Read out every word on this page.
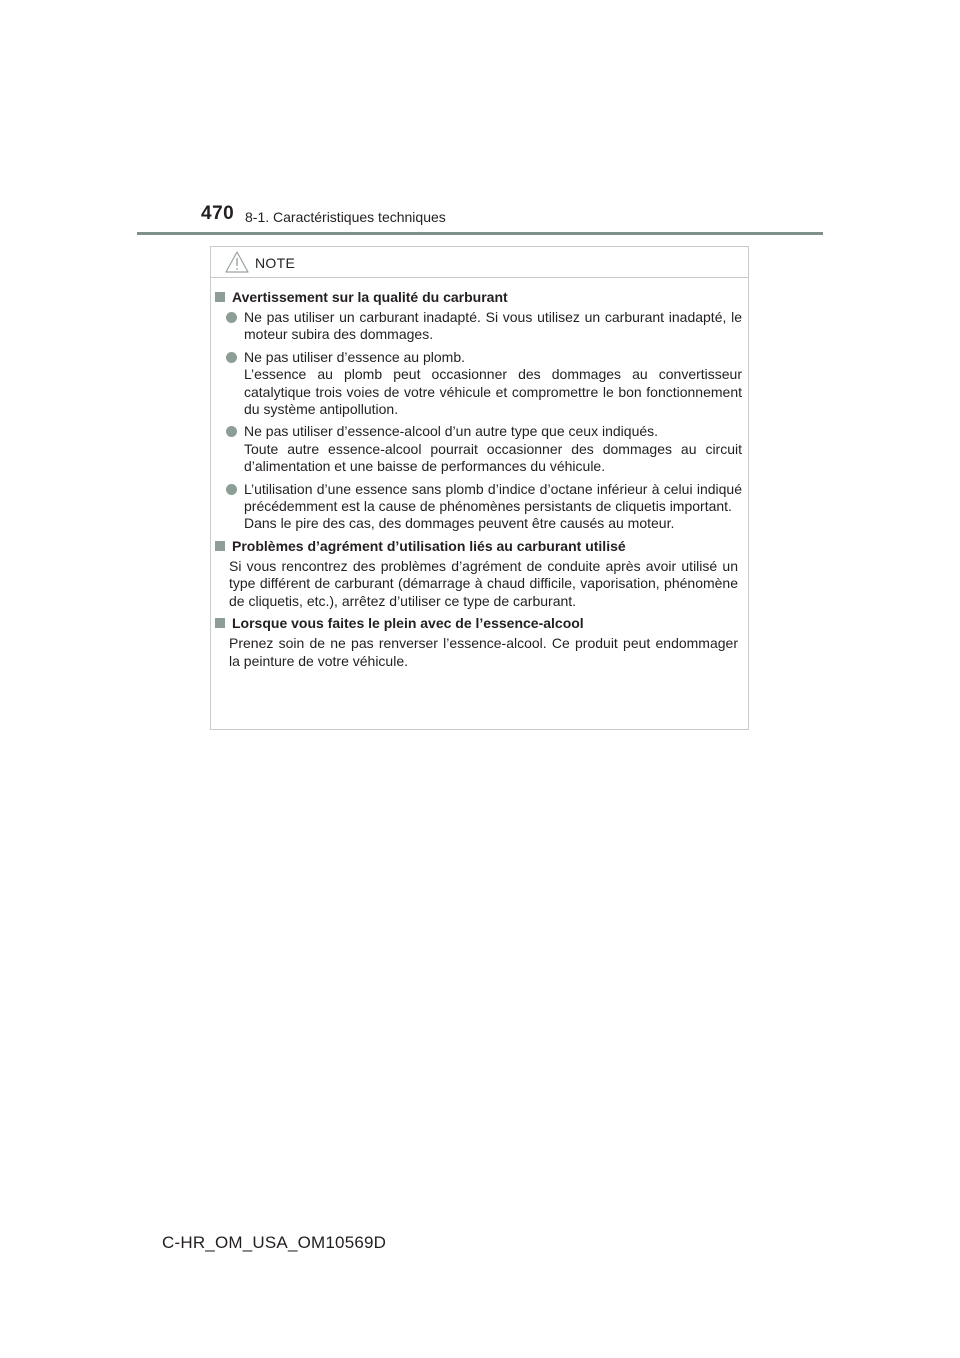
470 8-1. Caractéristiques techniques
NOTE
Avertissement sur la qualité du carburant
Ne pas utiliser un carburant inadapté. Si vous utilisez un carburant inadapté, le moteur subira des dommages.
Ne pas utiliser d’essence au plomb.
L’essence au plomb peut occasionner des dommages au convertisseur catalytique trois voies de votre véhicule et compromettre le bon fonctionnement du système antipollution.
Ne pas utiliser d’essence-alcool d’un autre type que ceux indiqués.
Toute autre essence-alcool pourrait occasionner des dommages au circuit d’alimentation et une baisse de performances du véhicule.
L’utilisation d’une essence sans plomb d’indice d’octane inférieur à celui indiqué précédemment est la cause de phénomènes persistants de cliquetis important.
Dans le pire des cas, des dommages peuvent être causés au moteur.
Problèmes d’agrément d’utilisation liés au carburant utilisé
Si vous rencontrez des problèmes d’agrément de conduite après avoir utilisé un type différent de carburant (démarrage à chaud difficile, vaporisation, phénomène de cliquetis, etc.), arrêtez d’utiliser ce type de carburant.
Lorsque vous faites le plein avec de l’essence-alcool
Prenez soin de ne pas renverser l’essence-alcool. Ce produit peut endommager la peinture de votre véhicule.
C-HR_OM_USA_OM10569D
